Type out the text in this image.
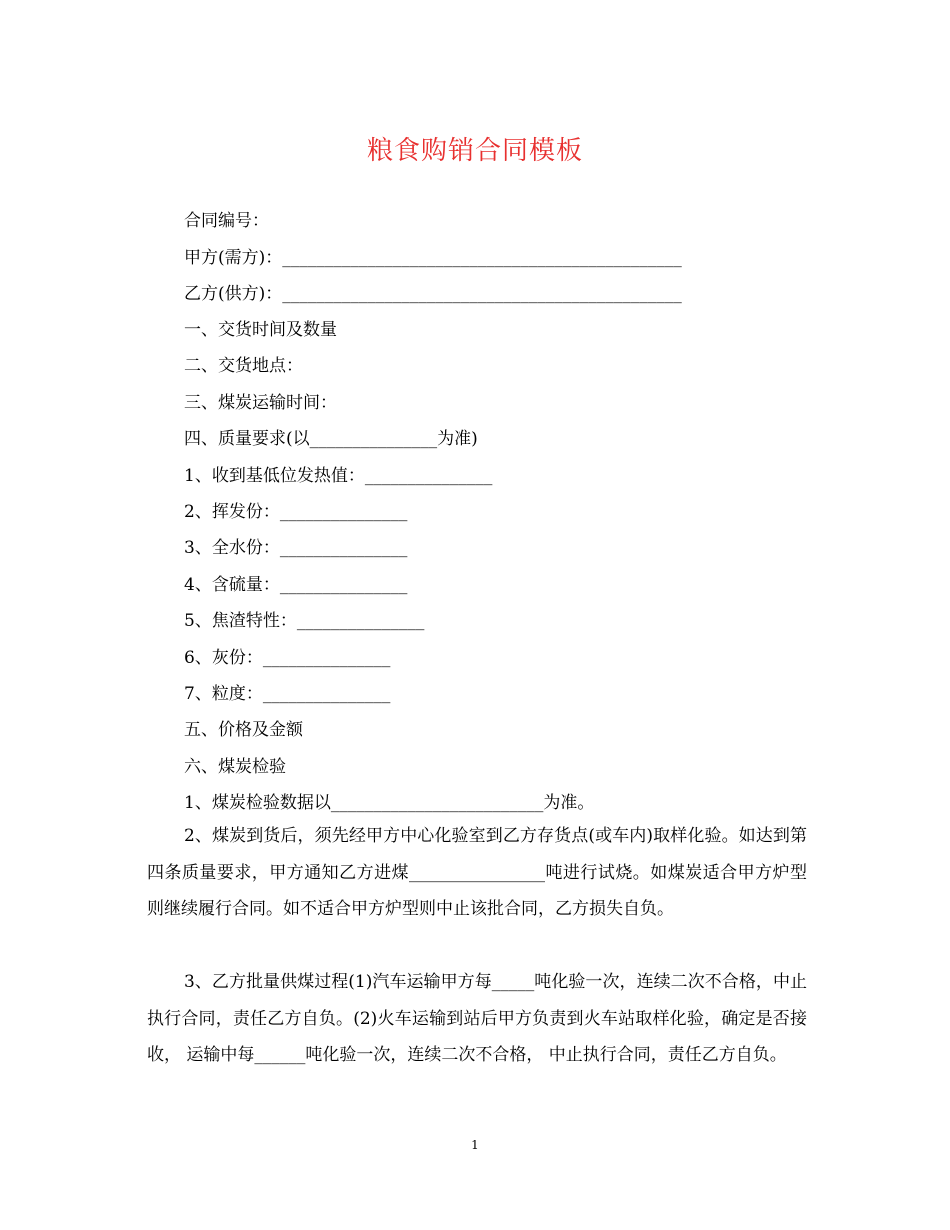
粮食购销合同模板
合同编号：
甲方(需方)：_______________________________________________
乙方(供方)：_______________________________________________
一、交货时间及数量
二、交货地点：
三、煤炭运输时间：
四、质量要求(以_______________为准)
1、收到基低位发热值：_______________
2、挥发份：_______________
3、全水份：_______________
4、含硫量：_______________
5、焦渣特性：_______________
6、灰份：_______________
7、粒度：_______________
五、价格及金额
六、煤炭检验
1、煤炭检验数据以_________________________为准。
2、煤炭到货后，须先经甲方中心化验室到乙方存货点(或车内)取样化验。如达到第四条质量要求，甲方通知乙方进煤________________吨进行试烧。如煤炭适合甲方炉型则继续履行合同。如不适合甲方炉型则中止该批合同，乙方损失自负。
3、乙方批量供煤过程(1)汽车运输甲方每_____吨化验一次，连续二次不合格，中止执行合同，责任乙方自负。(2)火车运输到站后甲方负责到火车站取样化验，确定是否接收， 运输中每______吨化验一次，连续二次不合格， 中止执行合同，责任乙方自负。
1
